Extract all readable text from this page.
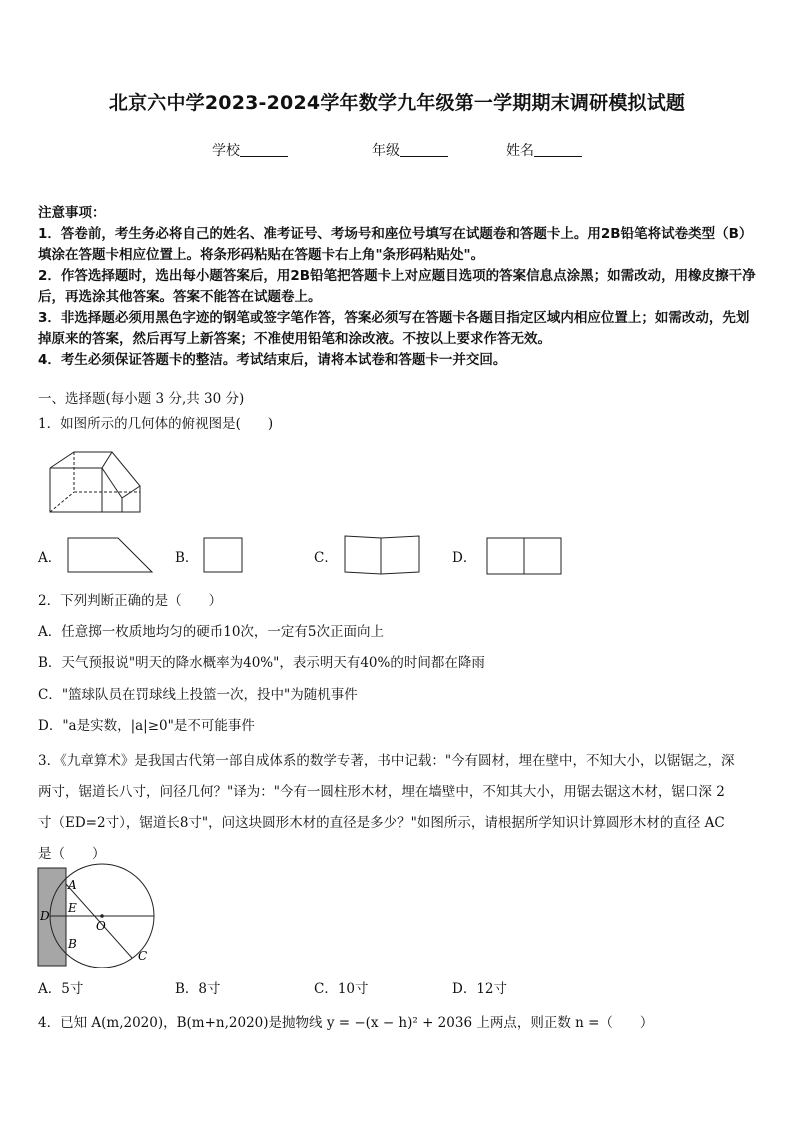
北京六中学2023-2024学年数学九年级第一学期期末调研模拟试题
学校	年级	姓名

注意事项：

1．答卷前，考生务必将自己的姓名、准考证号、考场号和座位号填写在试题卷和答题卡上。用2B铅笔将试卷类型（B）填涂在答题卡相应位置上。将条形码粘贴在答题卡右上角"条形码粘贴处"。

2．作答选择题时，选出每小题答案后，用2B铅笔把答题卡上对应题目选项的答案信息点涂黑；如需改动，用橡皮擦干净后，再选涂其他答案。答案不能答在试题卷上。

3．非选择题必须用黑色字迹的钢笔或签字笔作答，答案必须写在答题卡各题目指定区域内相应位置上；如需改动，先划掉原来的答案，然后再写上新答案；不准使用铅笔和涂改液。不按以上要求作答无效。

4．考生必须保证答题卡的整洁。考试结束后，请将本试卷和答题卡一并交回。

一、选择题(每小题 3 分,共 30 分)
1．如图所示的几何体的俯视图是(　　)
A．	B．	C．	D．
2．下列判断正确的是（　　）
A．任意掷一枚质地均匀的硬币10次，一定有5次正面向上
B．天气预报说"明天的降水概率为40%"，表示明天有40%的时间都在降雨
C．"篮球队员在罚球线上投篮一次，投中"为随机事件
D．"a是实数，|a|≥0"是不可能事件
3．《九章算术》是我国古代第一部自成体系的数学专著，书中记载："今有圆材，埋在壁中，不知大小，以锯锯之，深
两寸，锯道长八寸，问径几何？"译为："今有一圆柱形木材，埋在墙壁中，不知其大小，用锯去锯这木材，锯口深 2
寸（ED=2寸），锯道长8寸"，问这块圆形木材的直径是多少？"如图所示，请根据所学知识计算圆形木材的直径 AC
是（　　）
A
D
E
O
B
C
A．5寸	B．8寸	C．10寸	D．12寸
4．已知 A(m,2020)，B(m+n,2020)是抛物线 y = −(x − h)² + 2036 上两点，则正数 n =（　　）
